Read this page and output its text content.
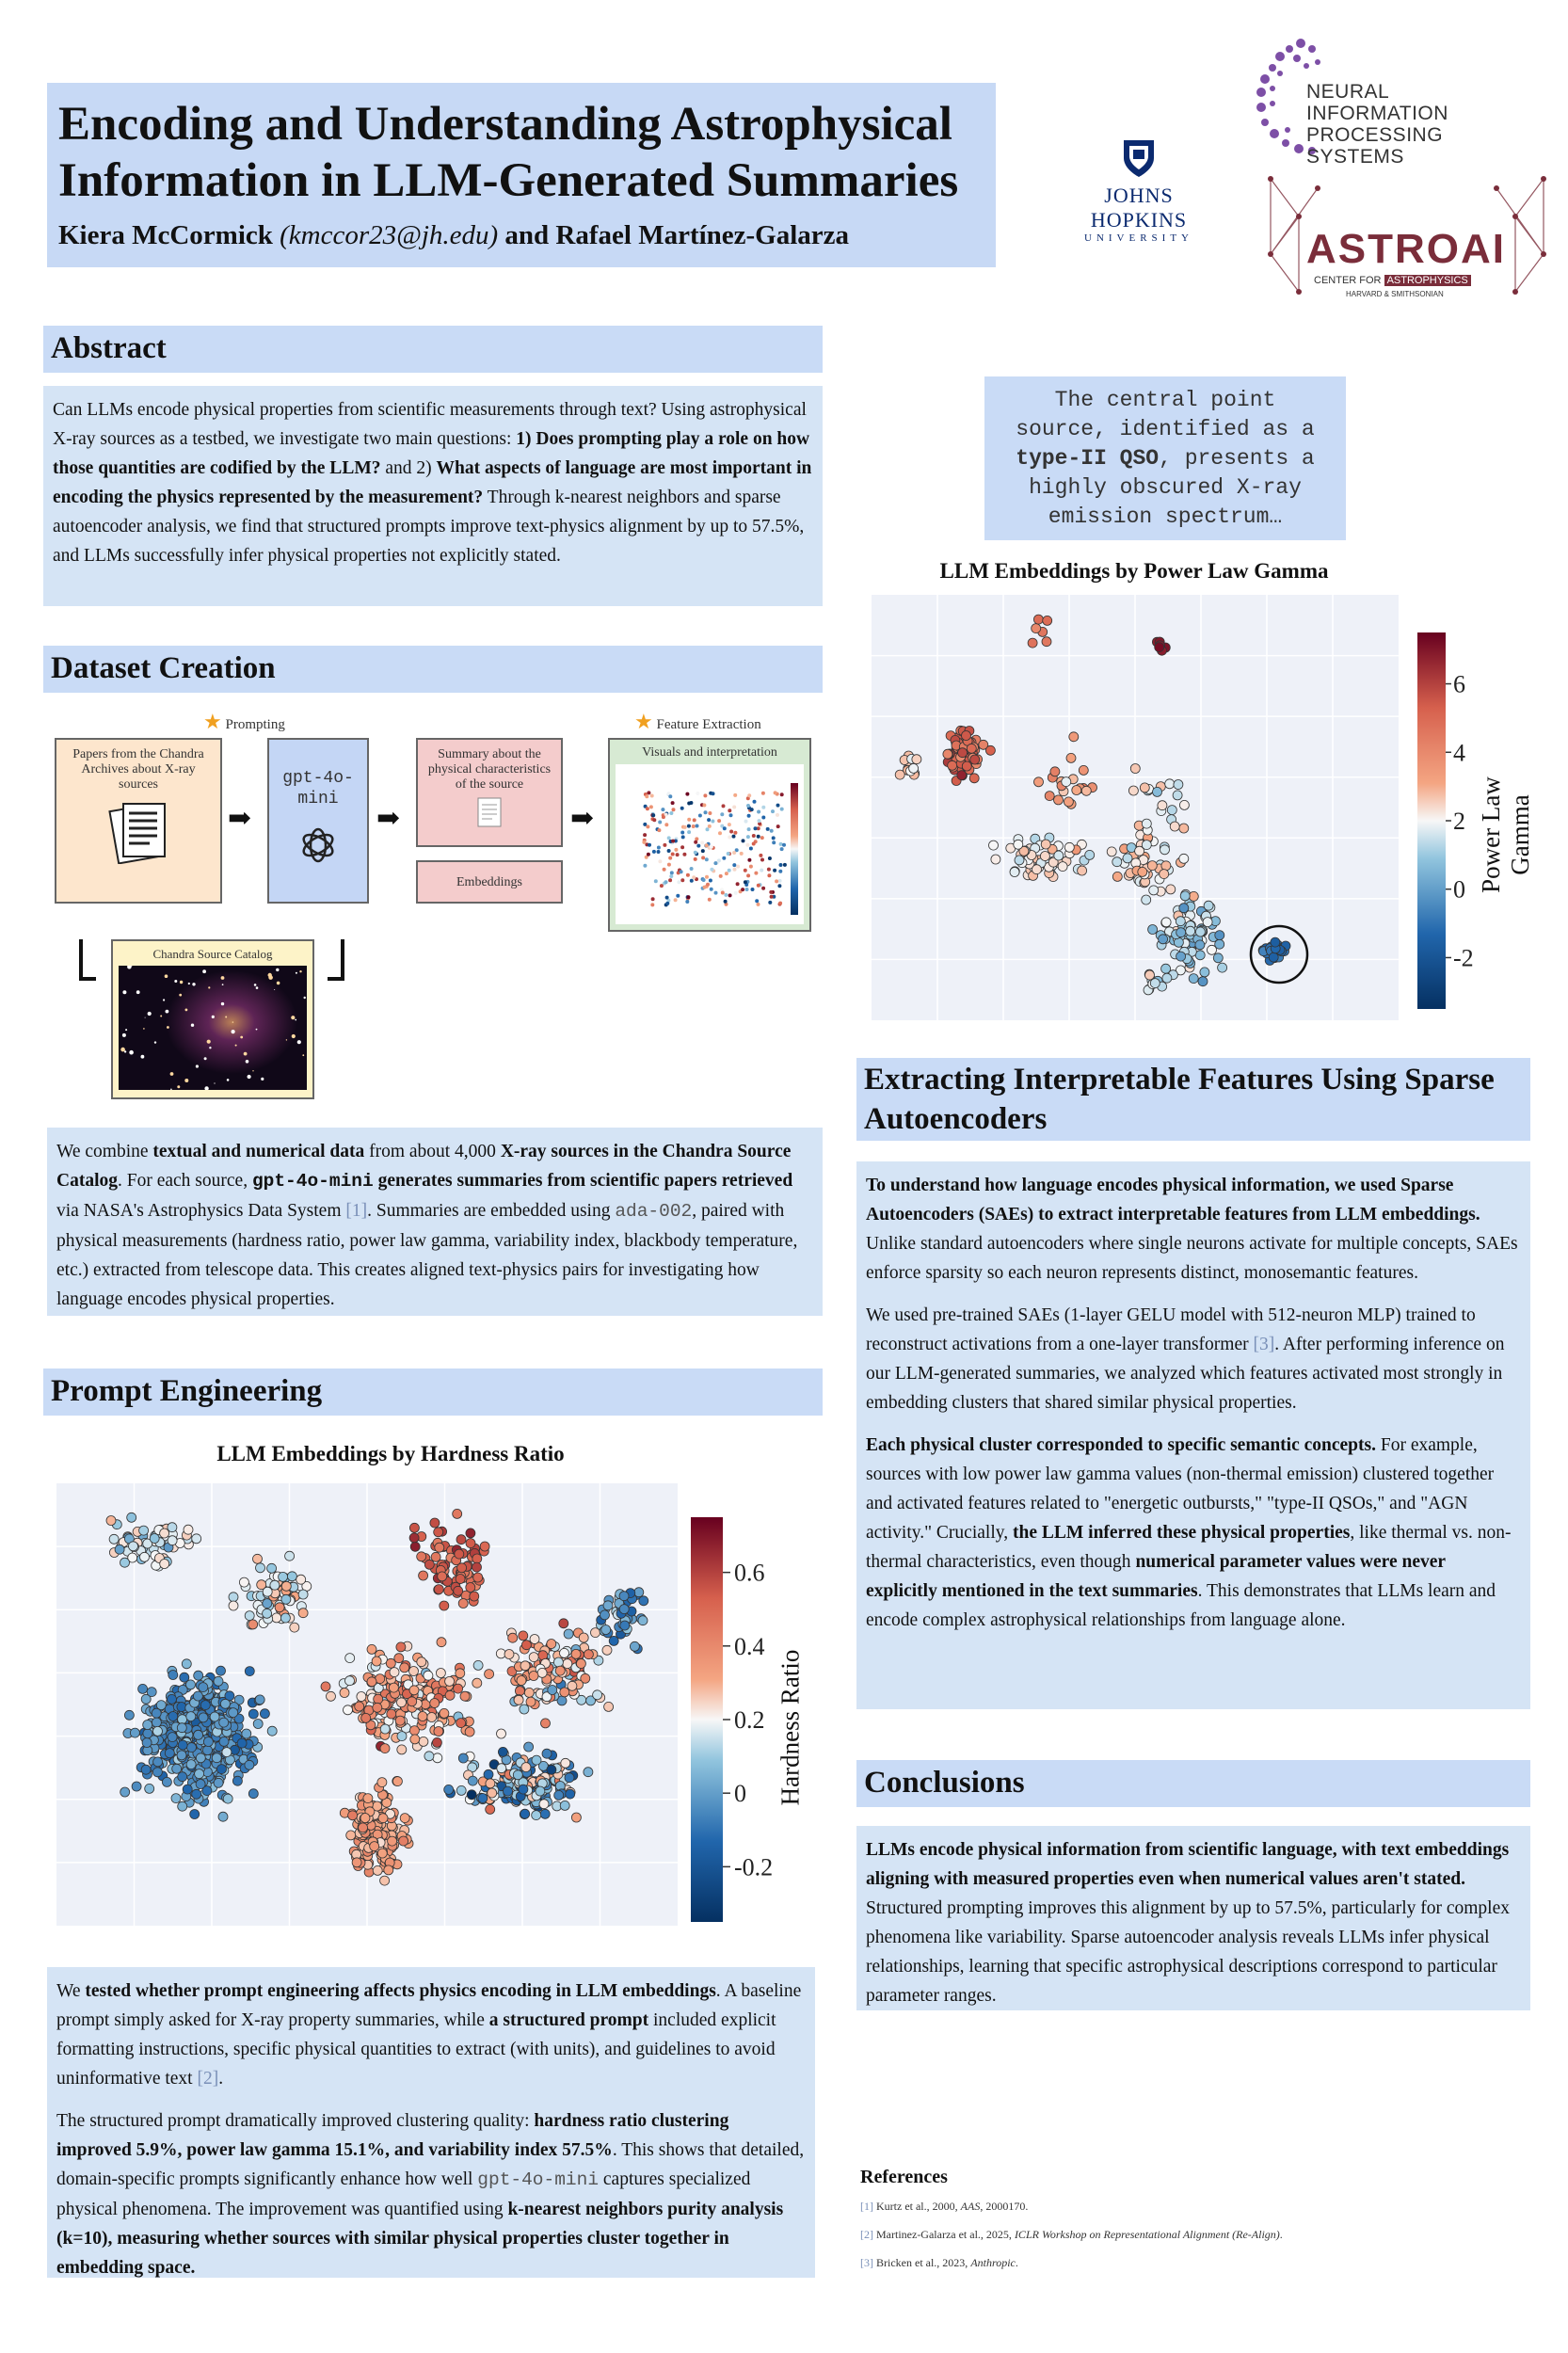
Encoding and Understanding Astrophysical
Information in LLM-Generated Summaries
Kiera McCormick (kmccor23@jh.edu) and Rafael Martínez-Galarza
JOHNS HOPKINS
UNIVERSITY
NEURAL INFORMATION
PROCESSING SYSTEMS
ASTROAI
CENTER FOR ASTROPHYSICS
HARVARD & SMITHSONIAN
Abstract

Can LLMs encode physical properties from scientific measurements through text? Using astrophysical X-ray sources as a testbed, we investigate two main questions: 1) Does prompting play a role on how those quantities are codified by the LLM? and 2) What aspects of language are most important in encoding the physics represented by the measurement? Through k-nearest neighbors and sparse autoencoder analysis, we find that structured prompts improve text-physics alignment by up to 57.5%, and LLMs successfully infer physical properties not explicitly stated.

Dataset Creation
★ Prompting	★ Feature Extraction
Papers from the Chandra Archives about X-ray sources
➡
gpt-4o-mini
➡
Summary about the physical characteristics of the source
Embeddings
➡
Visuals and interpretation
Chandra Source Catalog

We combine textual and numerical data from about 4,000 X-ray sources in the Chandra Source Catalog. For each source, gpt-4o-mini generates summaries from scientific papers retrieved via NASA's Astrophysics Data System [1]. Summaries are embedded using ada-002, paired with physical measurements (hardness ratio, power law gamma, variability index, blackbody temperature, etc.) extracted from telescope data. This creates aligned text-physics pairs for investigating how language encodes physical properties.

Prompt Engineering
LLM Embeddings by Hardness Ratio
0.6
0.4
0.2
0
-0.2
Hardness Ratio

We tested whether prompt engineering affects physics encoding in LLM embeddings. A baseline prompt simply asked for X-ray property summaries, while a structured prompt included explicit formatting instructions, specific physical quantities to extract (with units), and guidelines to avoid uninformative text [2].

The structured prompt dramatically improved clustering quality: hardness ratio clustering improved 5.9%, power law gamma 15.1%, and variability index 57.5%. This shows that detailed, domain-specific prompts significantly enhance how well gpt-4o-mini captures specialized physical phenomena. The improvement was quantified using k-nearest neighbors purity analysis (k=10), measuring whether sources with similar physical properties cluster together in embedding space.

The central point
source, identified as a
type-II QSO, presents a
highly obscured X-ray
emission spectrum…
LLM Embeddings by Power Law Gamma
6
4
2
0
-2
Power Law Gamma
Extracting Interpretable Features Using Sparse Autoencoders

To understand how language encodes physical information, we used Sparse Autoencoders (SAEs) to extract interpretable features from LLM embeddings. Unlike standard autoencoders where single neurons activate for multiple concepts, SAEs enforce sparsity so each neuron represents distinct, monosemantic features.

We used pre-trained SAEs (1-layer GELU model with 512-neuron MLP) trained to reconstruct activations from a one-layer transformer [3]. After performing inference on our LLM-generated summaries, we analyzed which features activated most strongly in embedding clusters that shared similar physical properties.

Each physical cluster corresponded to specific semantic concepts. For example, sources with low power law gamma values (non-thermal emission) clustered together and activated features related to "energetic outbursts," "type-II QSOs," and "AGN activity." Crucially, the LLM inferred these physical properties, like thermal vs. non-thermal characteristics, even though numerical parameter values were never explicitly mentioned in the text summaries. This demonstrates that LLMs learn and encode complex astrophysical relationships from language alone.

Conclusions

LLMs encode physical information from scientific language, with text embeddings aligning with measured properties even when numerical values aren't stated. Structured prompting improves this alignment by up to 57.5%, particularly for complex phenomena like variability. Sparse autoencoder analysis reveals LLMs infer physical relationships, learning that specific astrophysical descriptions correspond to particular parameter ranges.

References
[1] Kurtz et al., 2000, AAS, 2000170.
[2] Martinez-Galarza et al., 2025, ICLR Workshop on Representational Alignment (Re-Align).
[3] Bricken et al., 2023, Anthropic.
